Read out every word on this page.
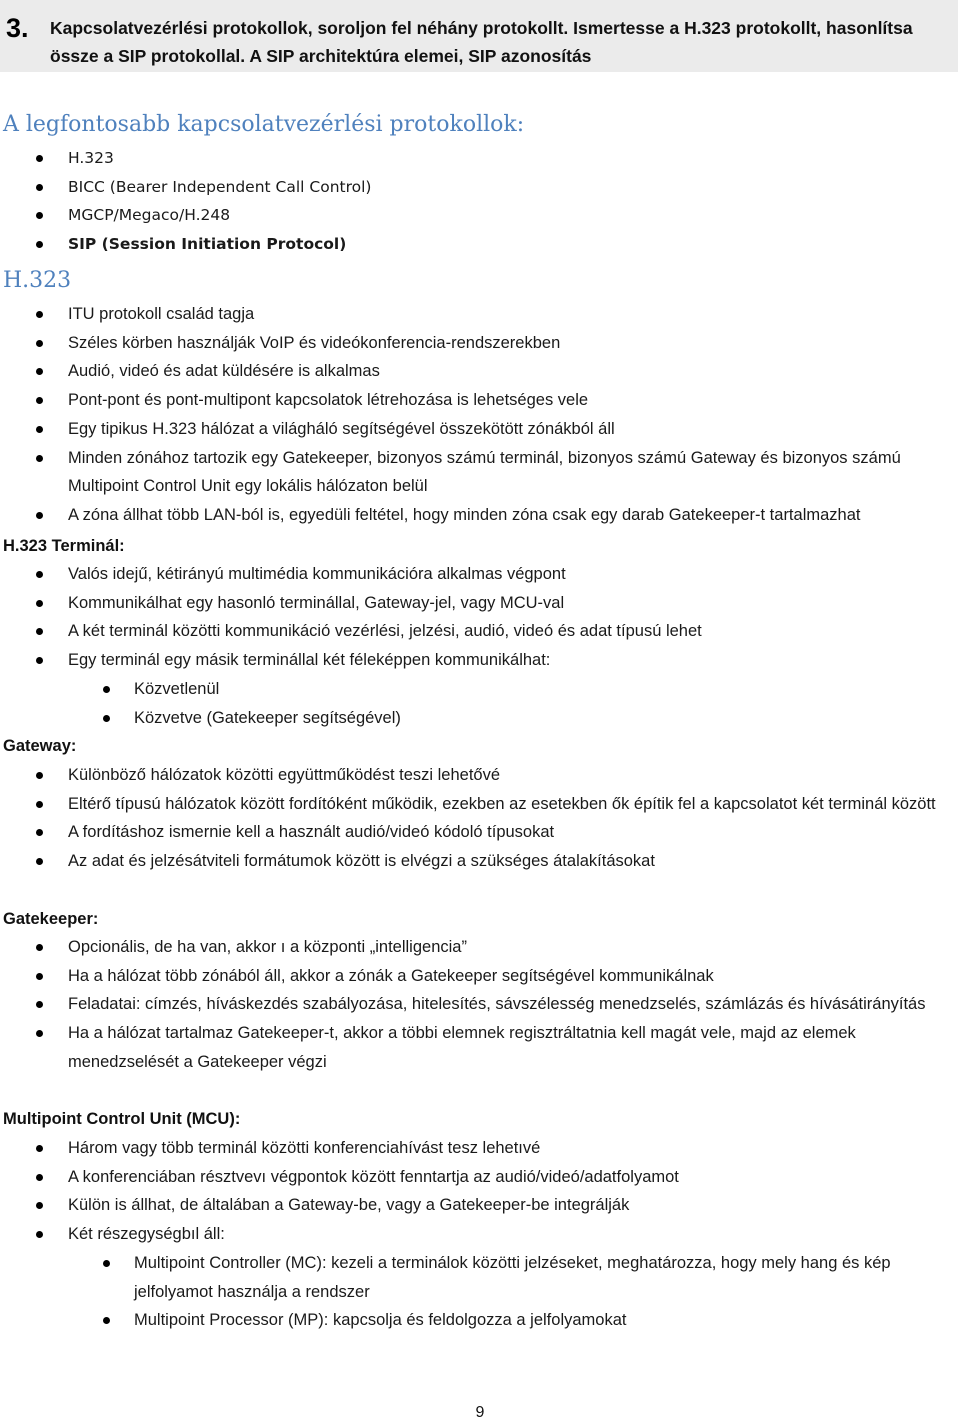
3. Kapcsolatvezérlési protokollok, soroljon fel néhány protokollt. Ismertesse a H.323 protokollt, hasonlítsa össze a SIP protokollal. A SIP architektúra elemei, SIP azonosítás
A legfontosabb kapcsolatvezérlési protokollok:
H.323
BICC (Bearer Independent Call Control)
MGCP/Megaco/H.248
SIP (Session Initiation Protocol)
H.323
ITU protokoll család tagja
Széles körben használják VoIP és videókonferencia-rendszerekben
Audió, videó és adat küldésére is alkalmas
Pont-pont és pont-multipont kapcsolatok létrehozása is lehetséges vele
Egy tipikus H.323 hálózat a világháló segítségével összekötött zónákból áll
Minden zónához tartozik egy Gatekeeper, bizonyos számú terminál, bizonyos számú Gateway és bizonyos számú Multipoint Control Unit egy lokális hálózaton belül
A zóna állhat több LAN-ból is, egyedüli feltétel, hogy minden zóna csak egy darab Gatekeeper-t tartalmazhat
H.323 Terminál:
Valós idejű, kétirányú multimédia kommunikációra alkalmas végpont
Kommunikálhat egy hasonló terminállal, Gateway-jel, vagy MCU-val
A két terminál közötti kommunikáció vezérlési, jelzési, audió, videó és adat típusú lehet
Egy terminál egy másik terminállal két féleképpen kommunikálhat:
Közvetlenül
Közvetve (Gatekeeper segítségével)
Gateway:
Különböző hálózatok közötti együttműködést teszi lehetővé
Eltérő típusú hálózatok között fordítóként működik, ezekben az esetekben ők építik fel a kapcsolatot két terminál között
A fordításhoz ismernie kell a használt audió/videó kódoló típusokat
Az adat és jelzésátviteli formátumok között is elvégzi a szükséges átalakításokat
Gatekeeper:
Opcionális, de ha van, akkor ı a központi „intelligencia”
Ha a hálózat több zónából áll, akkor a zónák a Gatekeeper segítségével kommunikálnak
Feladatai: címzés, híváskezdés szabályozása, hitelesítés, sávszélesség menedzselés, számlázás és hívásátirányítás
Ha a hálózat tartalmaz Gatekeeper-t, akkor a többi elemnek regisztráltatnia kell magát vele, majd az elemek menedzselését a Gatekeeper végzi
Multipoint Control Unit (MCU):
Három vagy több terminál közötti konferenciahívást tesz lehetıvé
A konferenciában résztvevı végpontok között fenntartja az audió/videó/adatfolyamot
Külön is állhat, de általában a Gateway-be, vagy a Gatekeeper-be integrálják
Két részegységbıl áll:
Multipoint Controller (MC): kezeli a terminálok közötti jelzéseket, meghatározza, hogy mely hang és kép jelfolyamot használja a rendszer
Multipoint Processor (MP): kapcsolja és feldolgozza a jelfolyamokat
9
